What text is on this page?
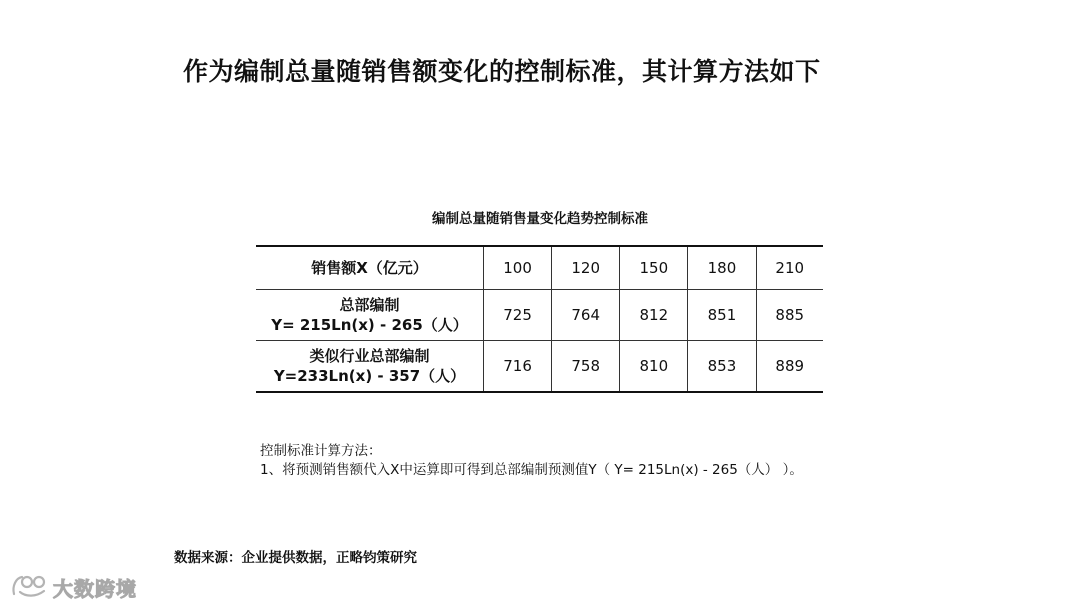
作为编制总量随销售额变化的控制标准，其计算方法如下
编制总量随销售量变化趋势控制标准
销售额X（亿元）	100	120	150	180	210

总部编制
Y= 215Ln(x) - 265（人）	725	764	812	851	885

类似行业总部编制
Y=233Ln(x) - 357（人）	716	758	810	853	889
控制标准计算方法：
1、将预测销售额代入X中运算即可得到总部编制预测值Y（ Y= 215Ln(x) - 265（人） ）。
数据来源：企业提供数据，正略钧策研究
大数跨境
